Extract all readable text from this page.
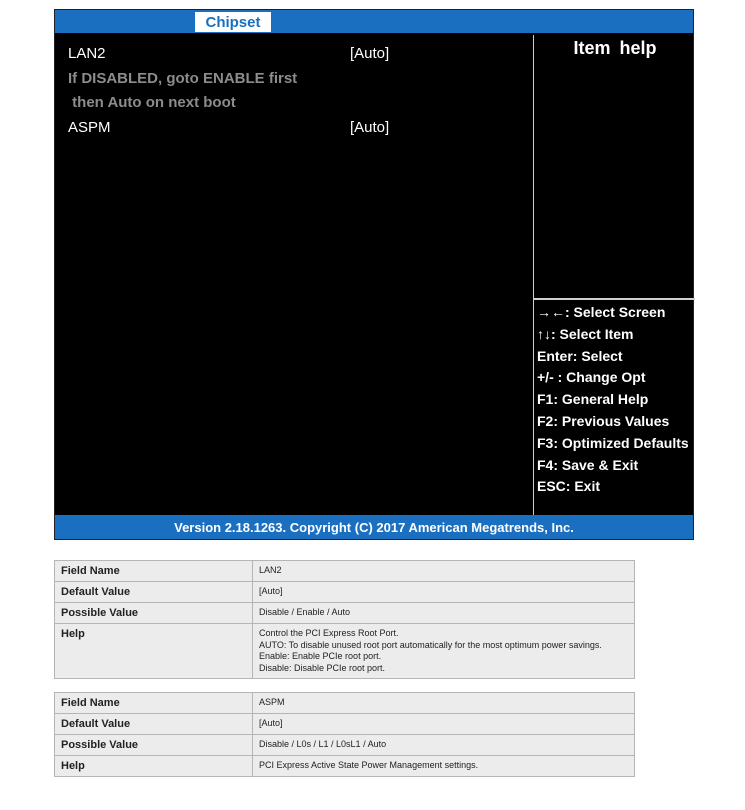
Chipset
LAN2	[Auto]
If DISABLED, goto ENABLE first
then Auto on next boot
ASPM	[Auto]
Item help
→←: Select Screen
↑↓: Select Item
Enter: Select
+/- : Change Opt
F1: General Help
F2: Previous Values
F3: Optimized Defaults
F4: Save & Exit
ESC: Exit
Version 2.18.1263. Copyright (C) 2017 American Megatrends, Inc.
Field Name	LAN2
Default Value	[Auto]
Possible Value	Disable / Enable / Auto
Help	Control the PCI Express Root Port.
AUTO: To disable unused root port automatically for the most optimum power savings.
Enable: Enable PCIe root port.
Disable: Disable PCIe root port.
Field Name	ASPM
Default Value	[Auto]
Possible Value	Disable / L0s / L1 / L0sL1 / Auto
Help	PCI Express Active State Power Management settings.
